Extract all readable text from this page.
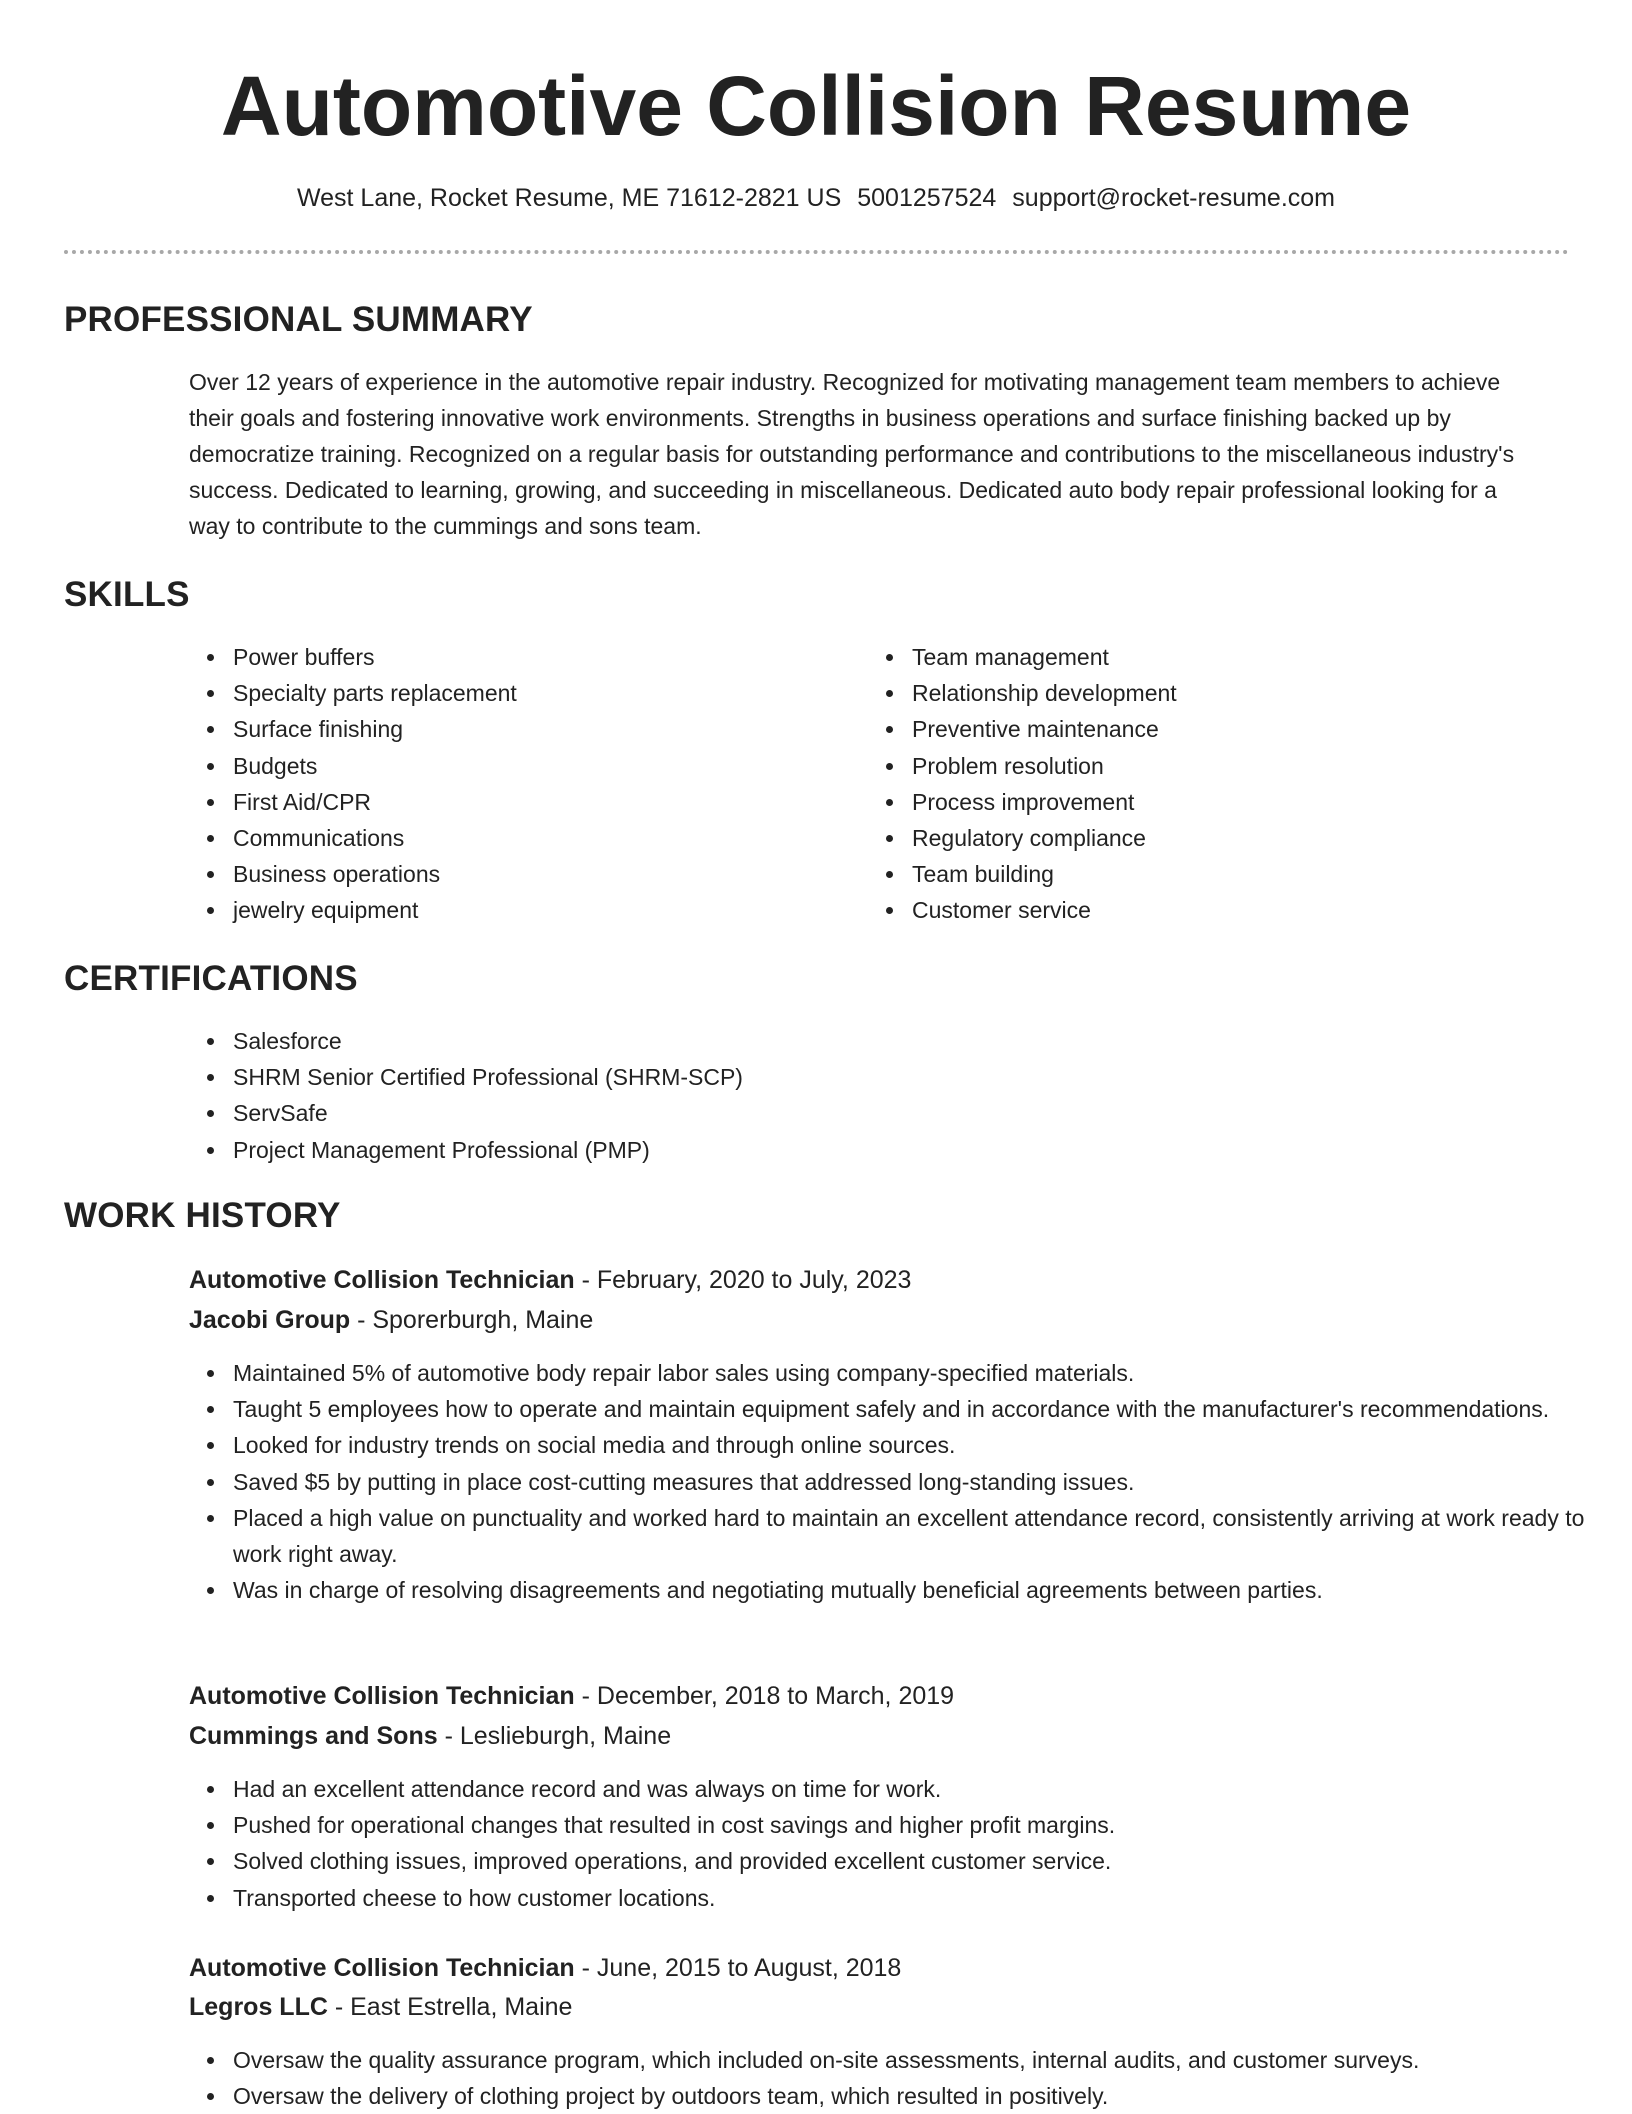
Automotive Collision Resume
West Lane, Rocket Resume, ME 71612-2821 US 5001257524 support@rocket-resume.com
PROFESSIONAL SUMMARY

Over 12 years of experience in the automotive repair industry. Recognized for motivating management team members to achieve their goals and fostering innovative work environments. Strengths in business operations and surface finishing backed up by democratize training. Recognized on a regular basis for outstanding performance and contributions to the miscellaneous industry's success. Dedicated to learning, growing, and succeeding in miscellaneous. Dedicated auto body repair professional looking for a way to contribute to the cummings and sons team.

SKILLS
Power buffers
Specialty parts replacement
Surface finishing
Budgets
First Aid/CPR
Communications
Business operations
jewelry equipment
Team management
Relationship development
Preventive maintenance
Problem resolution
Process improvement
Regulatory compliance
Team building
Customer service
CERTIFICATIONS
Salesforce
SHRM Senior Certified Professional (SHRM-SCP)
ServSafe
Project Management Professional (PMP)
WORK HISTORY
Automotive Collision Technician - February, 2020 to July, 2023
Jacobi Group - Sporerburgh, Maine
Maintained 5% of automotive body repair labor sales using company-specified materials.
Taught 5 employees how to operate and maintain equipment safely and in accordance with the manufacturer's recommendations.
Looked for industry trends on social media and through online sources.
Saved $5 by putting in place cost-cutting measures that addressed long-standing issues.
Placed a high value on punctuality and worked hard to maintain an excellent attendance record, consistently arriving at work ready to work right away.
Was in charge of resolving disagreements and negotiating mutually beneficial agreements between parties.
Automotive Collision Technician - December, 2018 to March, 2019
Cummings and Sons - Leslieburgh, Maine
Had an excellent attendance record and was always on time for work.
Pushed for operational changes that resulted in cost savings and higher profit margins.
Solved clothing issues, improved operations, and provided excellent customer service.
Transported cheese to how customer locations.
Automotive Collision Technician - June, 2015 to August, 2018
Legros LLC - East Estrella, Maine
Oversaw the quality assurance program, which included on-site assessments, internal audits, and customer surveys.
Oversaw the delivery of clothing project by outdoors team, which resulted in positively.
